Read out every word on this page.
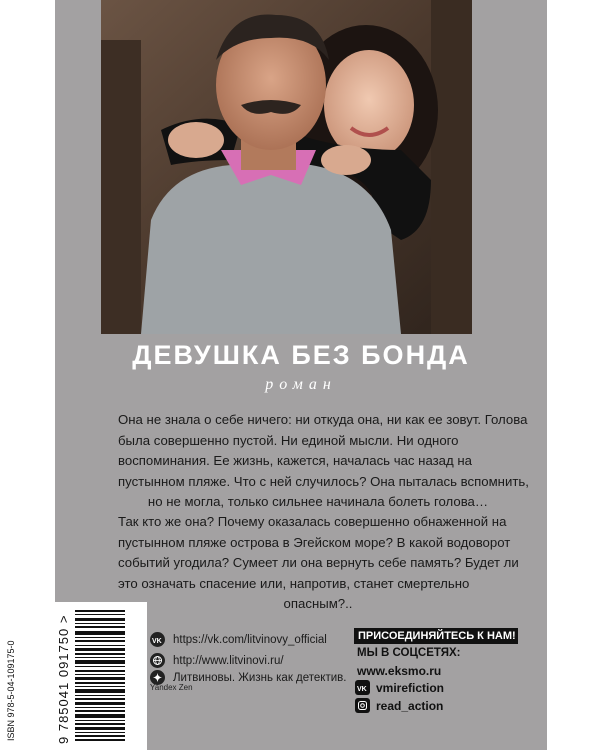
ДЕВУШКА БЕЗ БОНДА
роман
Она не знала о себе ничего: ни откуда она, ни как ее зовут. Голова
была совершенно пустой. Ни единой мысли. Ни одного
воспоминания. Ее жизнь, кажется, началась час назад на
пустынном пляже. Что с ней случилось? Она пыталась вспомнить,
но не могла, только сильнее начинала болеть голова…
Так кто же она? Почему оказалась совершенно обнаженной на
пустынном пляже острова в Эгейском море? В какой водоворот
событий угодила? Сумеет ли она вернуть себе память? Будет ли
это означать спасение или, напротив, станет смертельно
опасным?..
ISBN 978-5-04-109175-0	9 785041 091750 >	VK https://vk.com/litvinovy_official
http://www.litvinovi.ru/
Литвиновы. Жизнь как детектив.
Yandex Zen
ПРИСОЕДИНЯЙТЕСЬ К НАМ!
МЫ В СОЦСЕТЯХ:
www.eksmo.ru
VK vmirefiction
read_action
